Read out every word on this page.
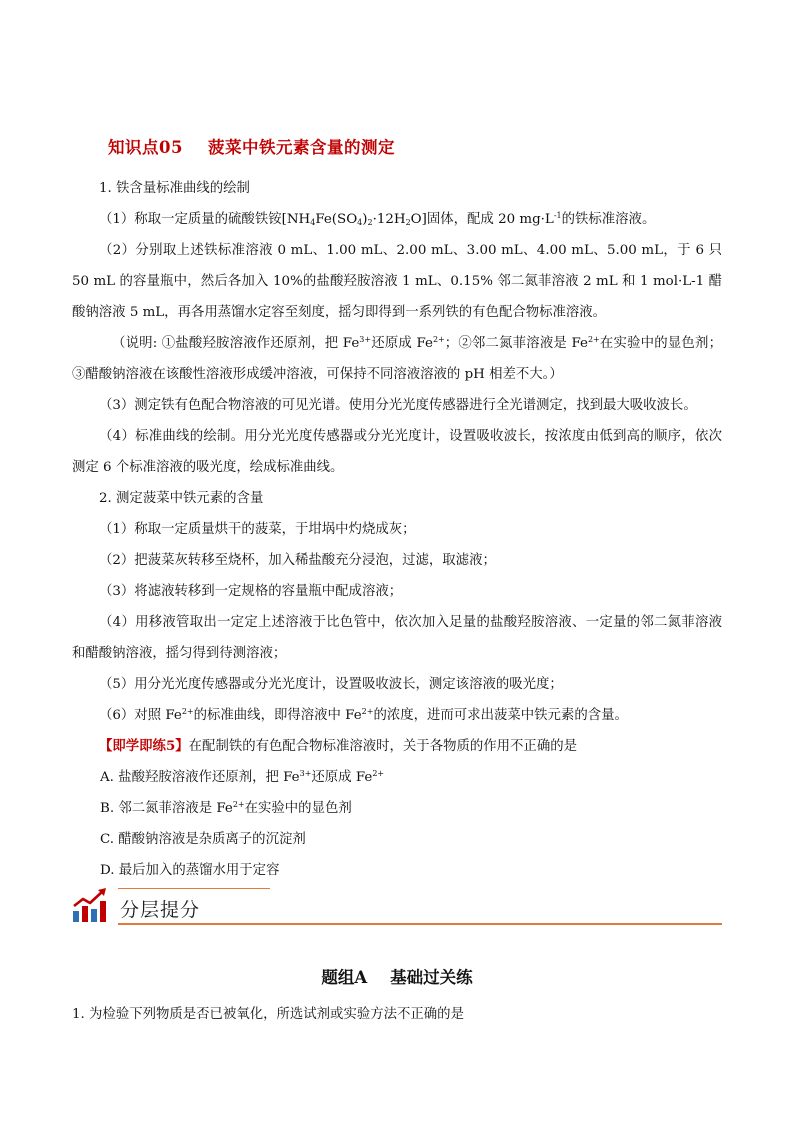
知识点05    菠菜中铁元素含量的测定

1. 铁含量标准曲线的绘制

（1）称取一定质量的硫酸铁铵$[NH_4Fe(SO_4)_2\cdot 12H_2O]$固体，配成 20 $mg\cdot L^{-1}$的铁标准溶液。

（2）分别取上述铁标准溶液 0 mL、1.00 mL、2.00 mL、3.00 mL、4.00 mL、5.00 mL，于 6 只 50 mL 的容量瓶中，然后各加入 10%的盐酸羟胺溶液 1 mL、0.15% 邻二氮菲溶液 2 mL 和 1 mol·L-1 醋酸钠溶液 5 mL，再各用蒸馏水定容至刻度，摇匀即得到一系列铁的有色配合物标准溶液。

（说明: ①盐酸羟胺溶液作还原剂，把 $Fe^{3+}$还原成 $Fe^{2+}$；②邻二氮菲溶液是 $Fe^{2+}$在实验中的显色剂；③醋酸钠溶液在该酸性溶液形成缓冲溶液，可保持不同溶液溶液的 pH 相差不大。）

（3）测定铁有色配合物溶液的可见光谱。使用分光光度传感器进行全光谱测定，找到最大吸收波长。

（4）标准曲线的绘制。用分光光度传感器或分光光度计，设置吸收波长，按浓度由低到高的顺序，依次测定 6 个标准溶液的吸光度，绘成标准曲线。

2. 测定菠菜中铁元素的含量

（1）称取一定质量烘干的菠菜，于坩埚中灼烧成灰；

（2）把菠菜灰转移至烧杯，加入稀盐酸充分浸泡，过滤，取滤液；

（3）将滤液转移到一定规格的容量瓶中配成溶液；

（4）用移液管取出一定定上述溶液于比色管中，依次加入足量的盐酸羟胺溶液、一定量的邻二氮菲溶液和醋酸钠溶液，摇匀得到待测溶液；

（5）用分光光度传感器或分光光度计，设置吸收波长，测定该溶液的吸光度；

（6）对照 $Fe^{2+}$的标准曲线，即得溶液中 $Fe^{2+}$的浓度，进而可求出菠菜中铁元素的含量。

【即学即练5】在配制铁的有色配合物标准溶液时，关于各物质的作用不正确的是

A. 盐酸羟胺溶液作还原剂，把 $Fe^{3+}$还原成 $Fe^{2+}$

B. 邻二氮菲溶液是 $Fe^{2+}$在实验中的显色剂

C. 醋酸钠溶液是杂质离子的沉淀剂

D. 最后加入的蒸馏水用于定容

分层提分
题组A    基础过关练

1. 为检验下列物质是否已被氧化，所选试剂或实验方法不正确的是
